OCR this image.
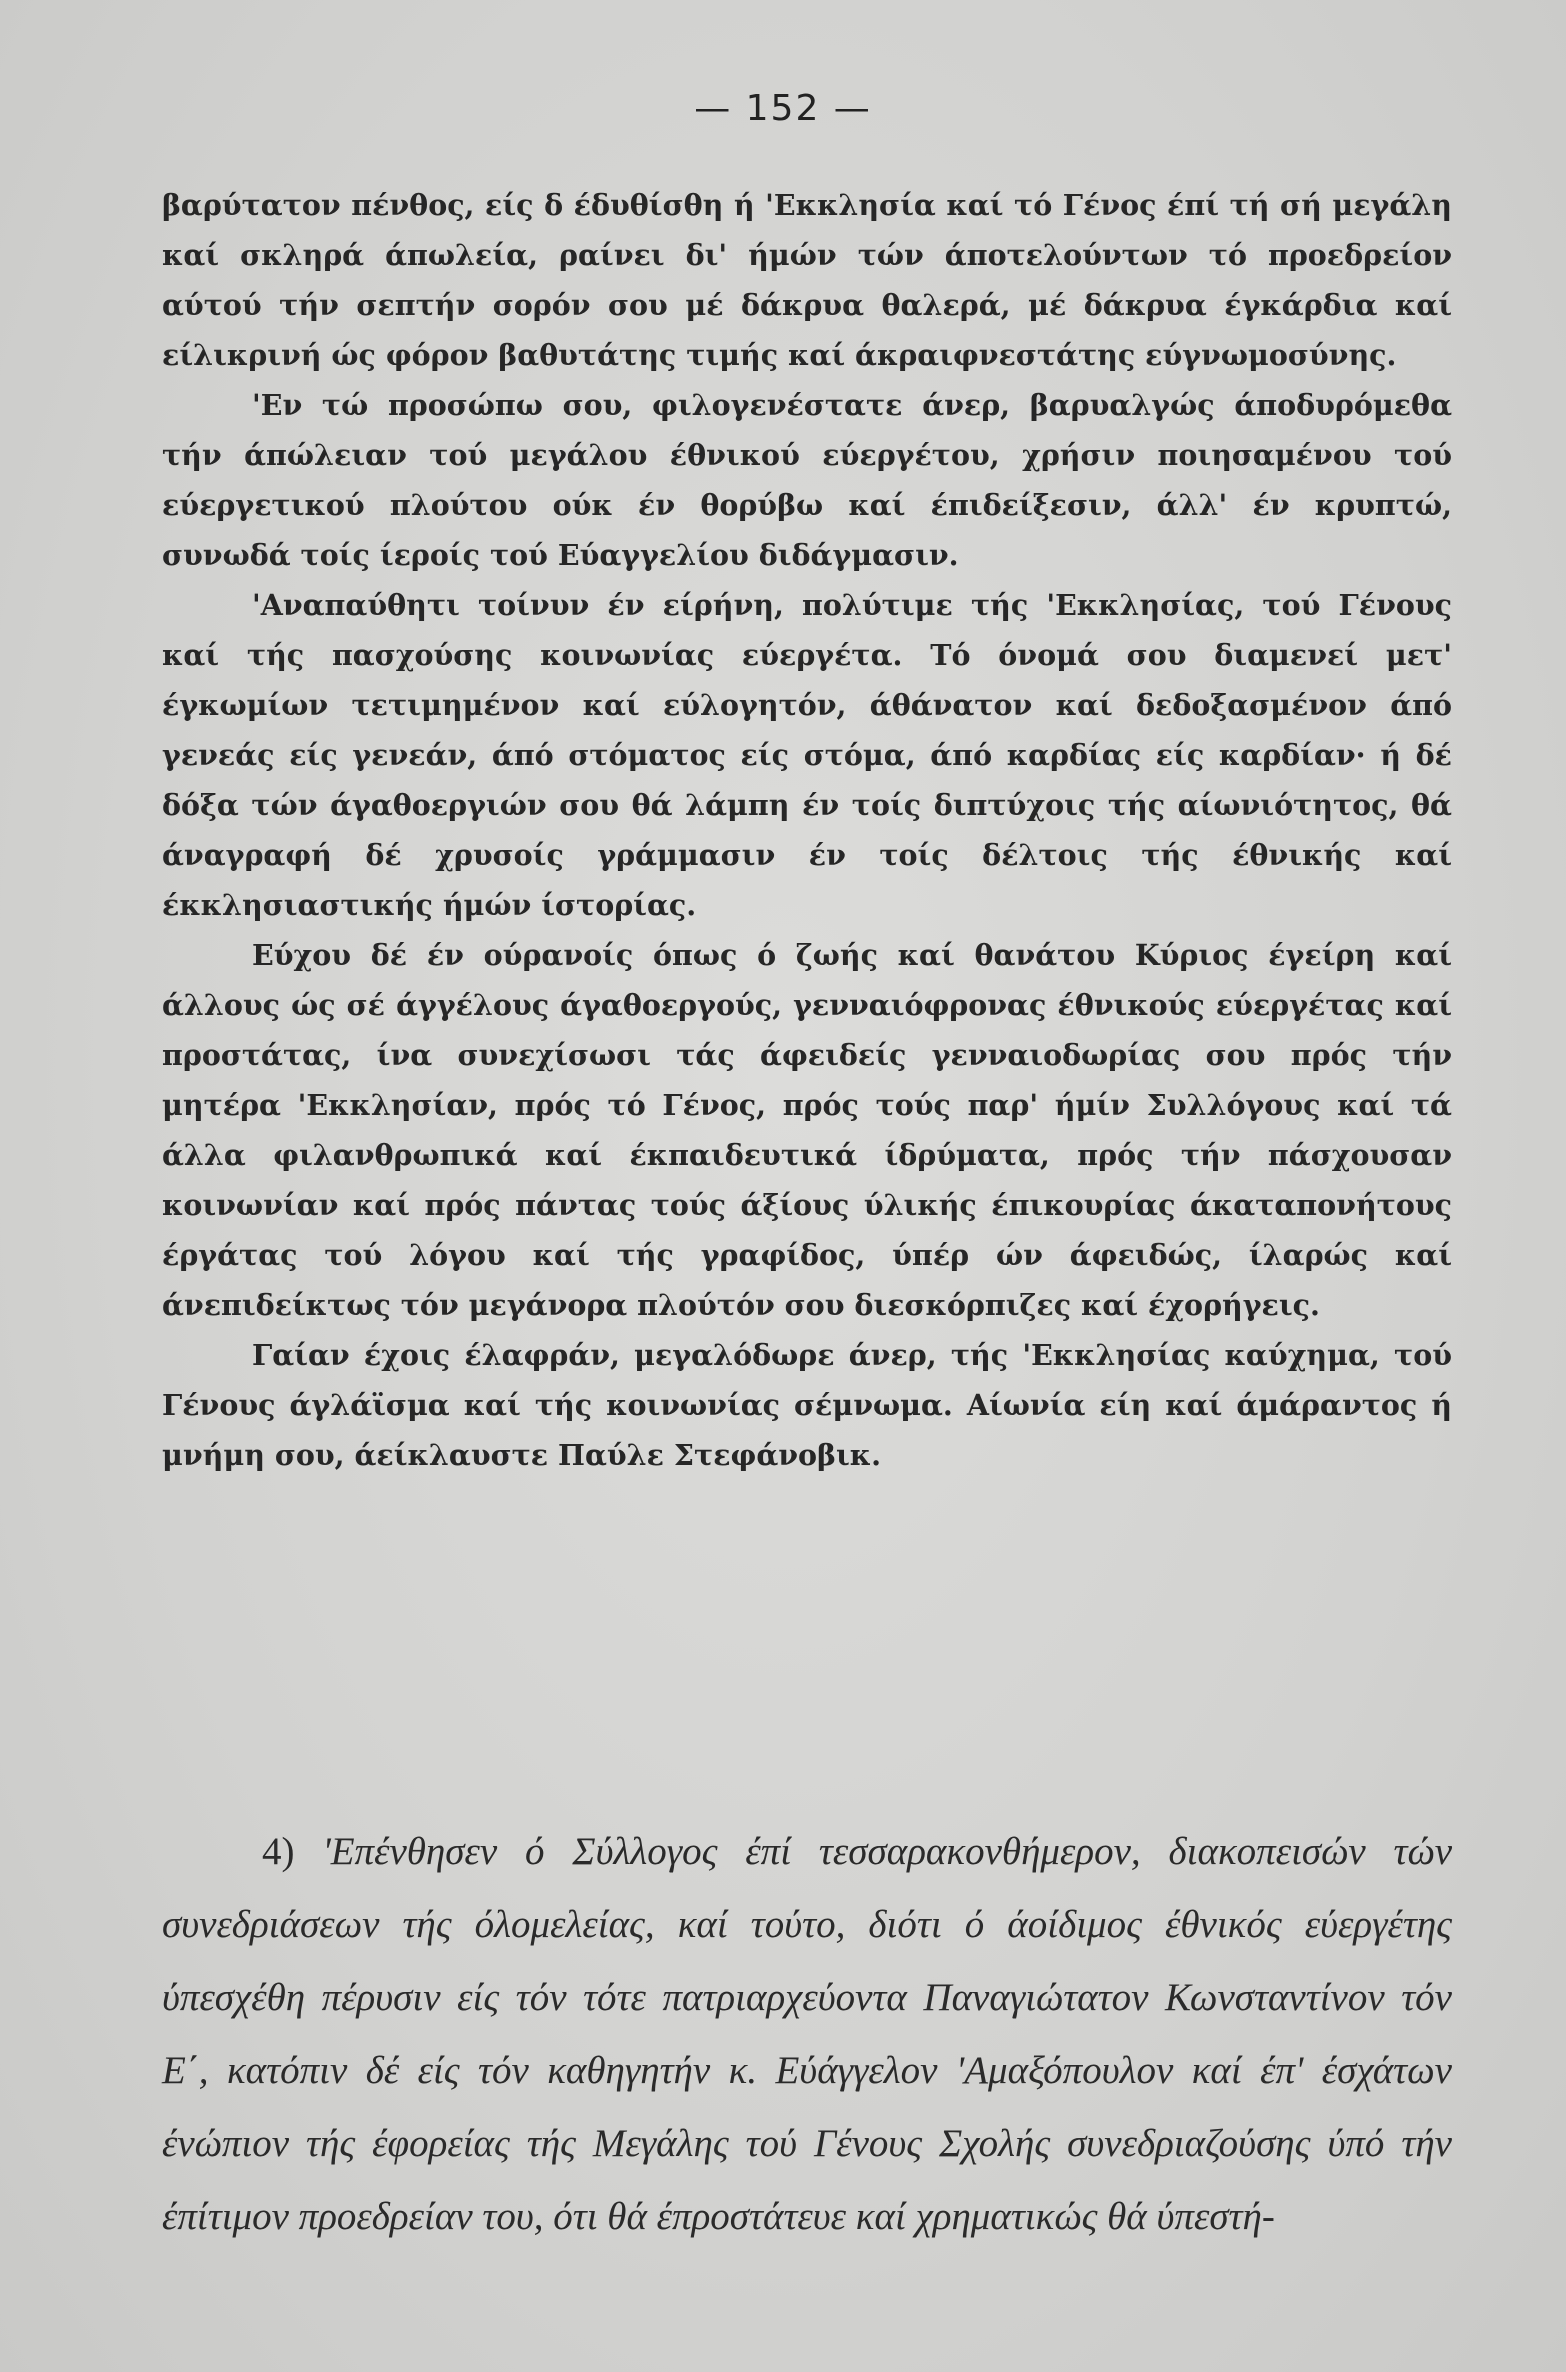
— 152 —

βαρύτατον πένθος, είς δ έδυθίσθη ή 'Εκκλησία καί τό Γένος έπί τή σή μεγάλη καί σκληρά άπωλεία, ραίνει δι' ήμών τών άποτελούντων τό προεδρείον αύτού τήν σεπτήν σορόν σου μέ δάκρυα θαλερά, μέ δάκρυα έγκάρδια καί είλικρινή ώς φόρον βαθυτάτης τιμής καί άκραιφνεστάτης εύγνωμοσύνης.

'Εν τώ προσώπω σου, φιλογενέστατε άνερ, βαρυαλγώς άποδυρόμεθα τήν άπώλειαν τού μεγάλου έθνικού εύεργέτου, χρήσιν ποιησαμένου τού εύεργετικού πλούτου ούκ έν θορύβω καί έπιδείξεσιν, άλλ' έν κρυπτώ, συνωδά τοίς ίεροίς τού Εύαγγελίου διδάγμασιν.

'Αναπαύθητι τοίνυν έν είρήνη, πολύτιμε τής 'Εκκλησίας, τού Γένους καί τής πασχούσης κοινωνίας εύεργέτα. Τό όνομά σου διαμενεί μετ' έγκωμίων τετιμημένον καί εύλογητόν, άθάνατον καί δεδοξασμένον άπό γενεάς είς γενεάν, άπό στόματος είς στόμα, άπό καρδίας είς καρδίαν· ή δέ δόξα τών άγαθοεργιών σου θά λάμπη έν τοίς διπτύχοις τής αίωνιότητος, θά άναγραφή δέ χρυσοίς γράμμασιν έν τοίς δέλτοις τής έθνικής καί έκκλησιαστικής ήμών ίστορίας.

Εύχου δέ έν ούρανοίς όπως ό ζωής καί θανάτου Κύριος έγείρη καί άλλους ώς σέ άγγέλους άγαθοεργούς, γενναιόφρονας έθνικούς εύεργέτας καί προστάτας, ίνα συνεχίσωσι τάς άφειδείς γενναιοδωρίας σου πρός τήν μητέρα 'Εκκλησίαν, πρός τό Γένος, πρός τούς παρ' ήμίν Συλλόγους καί τά άλλα φιλανθρωπικά καί έκπαιδευτικά ίδρύματα, πρός τήν πάσχουσαν κοινωνίαν καί πρός πάντας τούς άξίους ύλικής έπικουρίας άκαταπονήτους έργάτας τού λόγου καί τής γραφίδος, ύπέρ ών άφειδώς, ίλαρώς καί άνεπιδείκτως τόν μεγάνορα πλούτόν σου διεσκόρπιζες καί έχορήγεις.

Γαίαν έχοις έλαφράν, μεγαλόδωρε άνερ, τής 'Εκκλησίας καύχημα, τού Γένους άγλάϊσμα καί τής κοινωνίας σέμνωμα. Αίωνία είη καί άμάραντος ή μνήμη σου, άείκλαυστε Παύλε Στεφάνοβικ.

4) 'Επένθησεν ό Σύλλογος έπί τεσσαρακονθήμερον, διακοπεισών τών συνεδριάσεων τής όλομελείας, καί τούτο, διότι ό άοίδιμος έθνικός εύεργέτης ύπεσχέθη πέρυσιν είς τόν τότε πατριαρχεύοντα Παναγιώτατον Κωνσταντίνον τόν Ε΄, κατόπιν δέ είς τόν καθηγητήν κ. Εύάγγελον 'Αμαξόπουλον καί έπ' έσχάτων ένώπιον τής έφορείας τής Μεγάλης τού Γένους Σχολής συνεδριαζούσης ύπό τήν έπίτιμον προεδρείαν του, ότι θά έπροστάτευε καί χρηματικώς θά ύπεστή-
